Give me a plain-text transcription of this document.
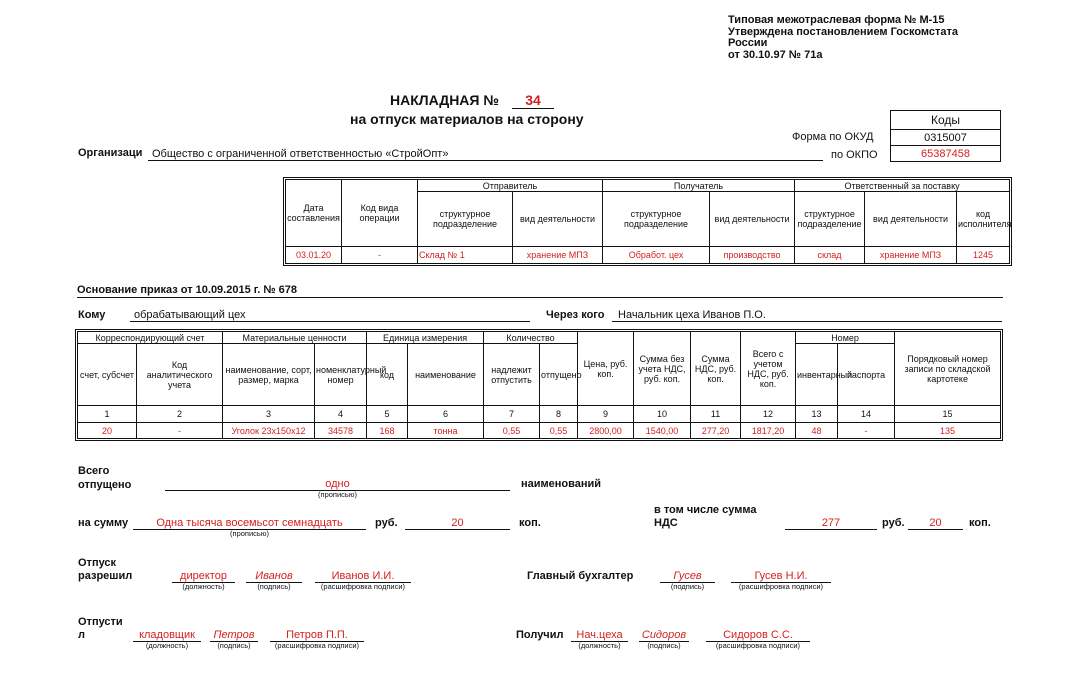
Типовая межотраслевая форма № М-15
Утверждена постановлением Госкомстата
России
от 30.10.97 № 71а
НАКЛАДНАЯ №	34
на отпуск материалов на сторону	Коды
0315007
65387458
Форма по ОКУД
по ОКПО
Организаци Общество с ограниченной ответственностью «СтройОпт»
Дата составления	Код вида операции	Отправитель		Получатель		Ответственный за поставку		
		структурное подразделение	вид деятельности	структурное подразделение	вид деятельности	структурное подразделение	вид деятельности	код исполнителя
03.01.20	-	Склад № 1	хранение МПЗ	Обработ. цех	производство	склад	хранение МПЗ	1245
Основание приказ от 10.09.2015 г. № 678
Кому	обрабатывающий цех	Через кого Начальник цеха Иванов П.О.
Корреспондирующий счет		Материальные ценности		Единица измерения		Количество		Цена, руб. коп.	Сумма без учета НДС, руб. коп.	Сумма НДС, руб. коп.	Всего с учетом НДС, руб. коп.	Номер		Порядковый номер записи по складской картотеке
счет, субсчет	Код аналитического учета	наименование, сорт, размер, марка	номенклатурный номер	код	наименование	надлежит отпустить	отпущено					инвентарный	паспорта	
1	2	3	4	5	6	7	8	9	10	11	12	13	14	15
20	-	Уголок 23х150х12	34578	168	тонна	0,55	0,55	2800,00	1540,00	277,20	1817,20	48	-	135
Всего
отпущено	одно
(прописью)
наименований
на сумму	Одна тысяча восемьсот семнадцать
(прописью)
руб.	20	коп.
в том числе сумма
НДС	277	руб.	20	коп.
Отпуск
разрешил	директор
(должность)
Иванов
(подпись)
Иванов И.И.
(расшифровка подписи)
Главный бухгалтер	Гусев
(подпись)
Гусев Н.И.
(расшифровка подписи)
Отпусти
л	кладовщик
(должность)
Петров
(подпись)
Петров П.П.
(расшифровка подписи)
Получил	Нач.цеха
(должность)
Сидоров
(подпись)
Сидоров С.С.
(расшифровка подписи)
